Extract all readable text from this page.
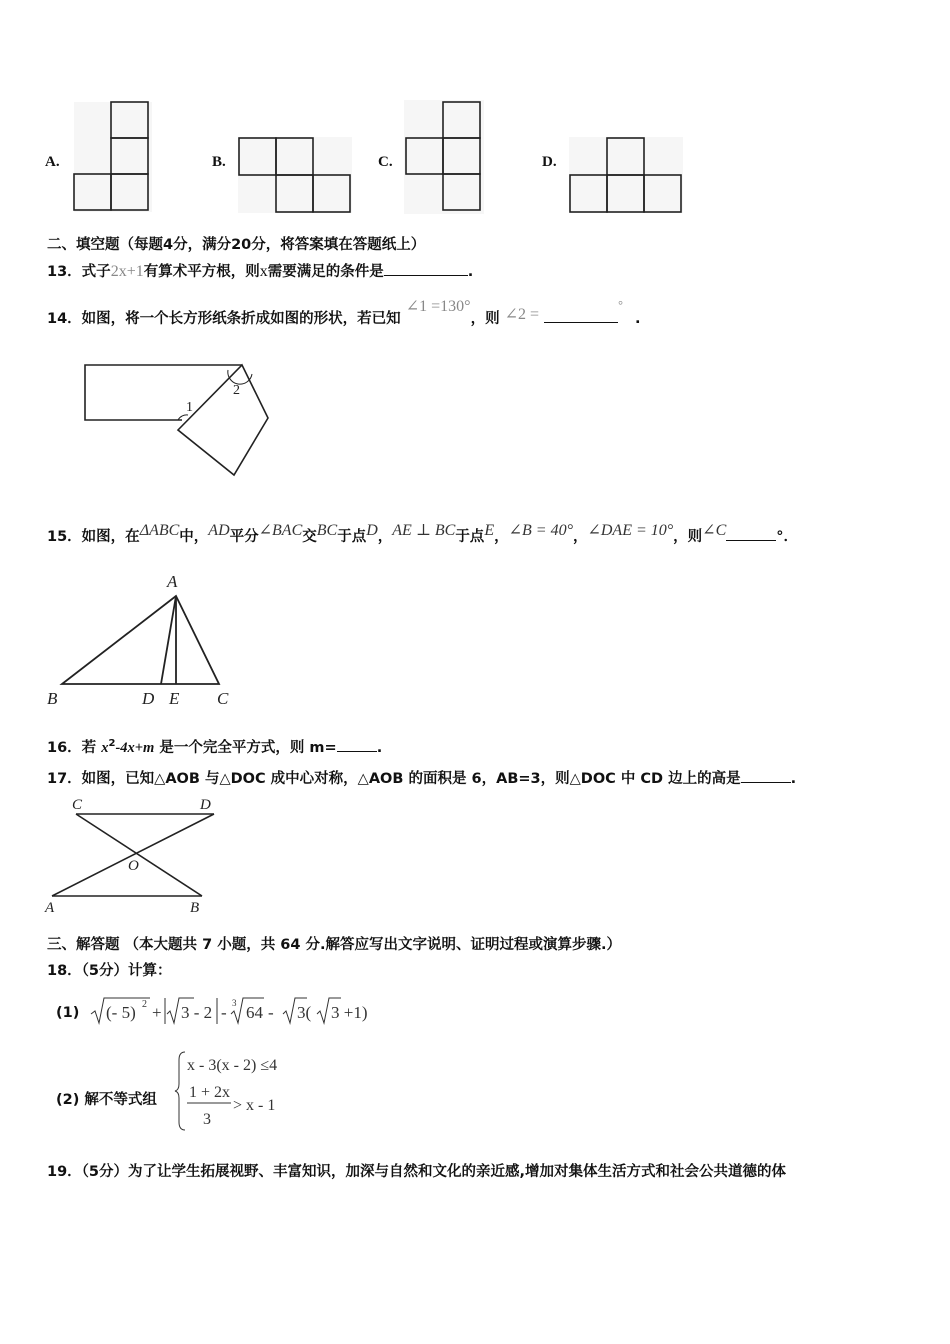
A.	B.	C.	D.
二、填空题（每题4分，满分20分，将答案填在答题纸上）
13．式子2x+1有算术平方根，则x需要满足的条件是	.
14．如图，将一个长方形纸条折成如图的形状，若已知 ∠1 =130°，则 ∠2 = °.
1
2
15．如图，在ΔABC中，AD平分∠BAC交BC于点D，AE ⊥ BC于点E，∠B = 40°，∠DAE = 10°，则∠C	°．
A
B	D E C
16．若 $x^2-4x+m$ 是一个完全平方式，则 m=	.
17．如图，已知△AOB 与△DOC 成中心对称，△AOB 的面积是 6，AB=3，则△DOC 中 CD 边上的高是	.
C	D
O
A	B
三、解答题 （本大题共 7 小题，共 64 分.解答应写出文字说明、证明过程或演算步骤.）
18．（5分）计算：
(1) (- 5) 2 + 3 - 2 - 3 64 - 3( 3 +1)
(2) 解不等式组
x - 3(x - 2) ≤4
1 + 2x
3
> x - 1
19．（5分）为了让学生拓展视野、丰富知识，加深与自然和文化的亲近感,增加对集体生活方式和社会公共道德的体
